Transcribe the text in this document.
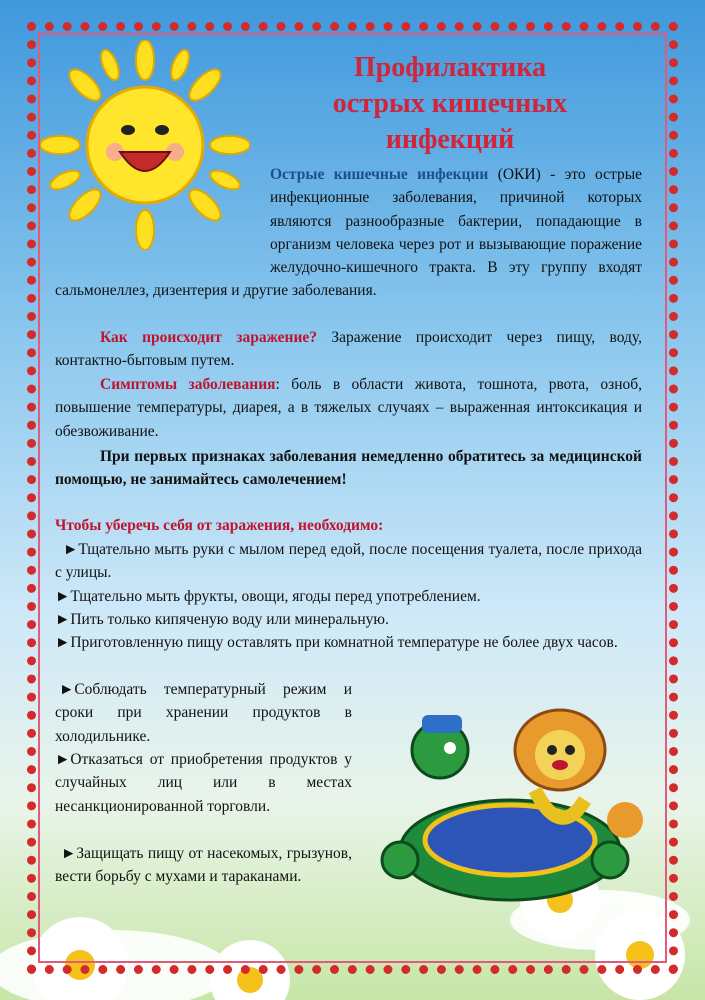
Профилактика
острых кишечных
инфекций
Острые кишечные инфекции (ОКИ) - это острые инфекционные заболевания, причиной которых являются разнообразные бактерии, попадающие в организм человека через рот и вызывающие поражение желудочно-кишечного тракта. В эту группу входят сальмонеллез, дизентерия и другие заболевания.
Как происходит заражение? Заражение происходит через пищу, воду, контактно-бытовым путем.
Симптомы заболевания: боль в области живота, тошнота, рвота, озноб, повышение температуры, диарея, а в тяжелых случаях – выраженная интоксикация и обезвоживание.
При первых признаках заболевания немедленно обратитесь за медицинской помощью, не занимайтесь самолечением!
Чтобы уберечь себя от заражения, необходимо:
►Тщательно мыть руки с мылом перед едой, после посещения туалета, после прихода с улицы.
►Тщательно мыть фрукты, овощи, ягоды перед употреблением.
►Пить только кипяченую воду или минеральную.
►Приготовленную пищу оставлять при комнатной температуре не более двух часов.
►Соблюдать температурный режим и сроки при хранении продуктов в холодильнике.
►Отказаться от приобретения продуктов у случайных лиц или в местах несанкционированной торговли.
►Защищать пищу от насекомых, грызунов, вести борьбу с мухами и тараканами.
